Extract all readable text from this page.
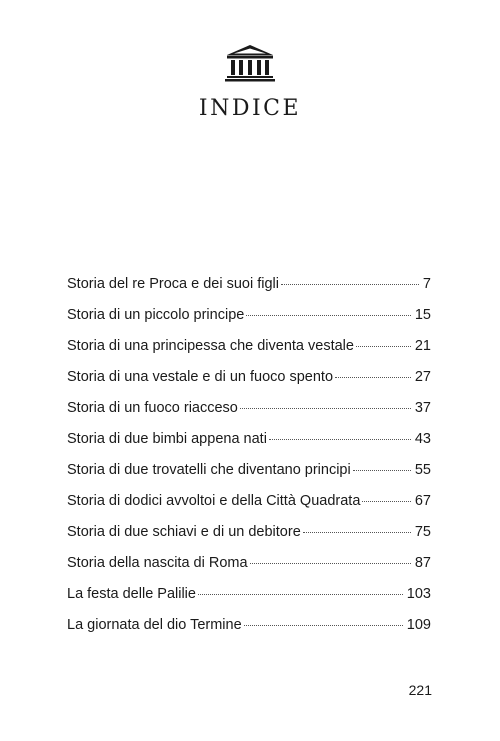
INDICE
Storia del re Proca e dei suoi figli	7
Storia di un piccolo principe	15
Storia di una principessa che diventa vestale	21
Storia di una vestale e di un fuoco spento	27
Storia di un fuoco riacceso	37
Storia di due bimbi appena nati	43
Storia di due trovatelli che diventano principi	55
Storia di dodici avvoltoi e della Città Quadrata	67
Storia di due schiavi e di un debitore	75
Storia della nascita di Roma	87
La festa delle Palilie	103
La giornata del dio Termine	109
221
